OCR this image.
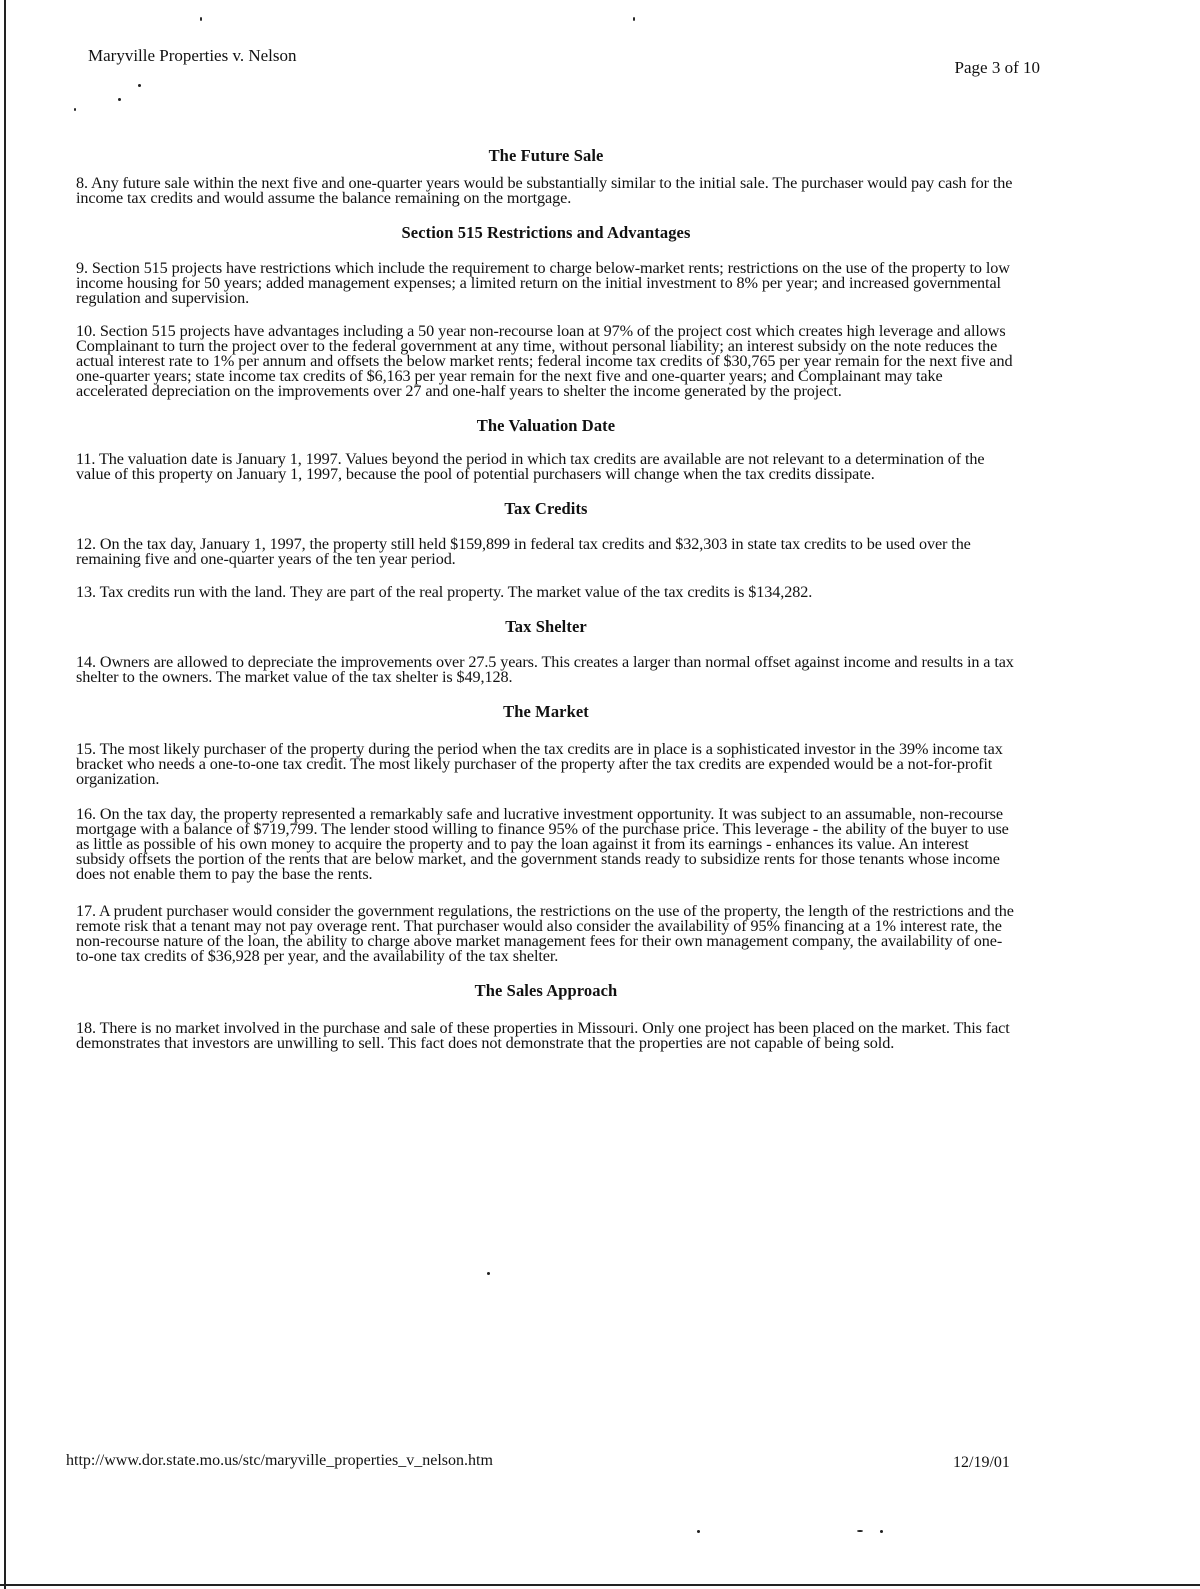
Maryville Properties v. Nelson
Page 3 of 10
The Future Sale

8. Any future sale within the next five and one-quarter years would be substantially similar to the initial sale. The purchaser would pay cash for the income tax credits and would assume the balance remaining on the mortgage.

Section 515 Restrictions and Advantages

9. Section 515 projects have restrictions which include the requirement to charge below-market rents; restrictions on the use of the property to low income housing for 50 years; added management expenses; a limited return on the initial investment to 8% per year; and increased governmental regulation and supervision.

10. Section 515 projects have advantages including a 50 year non-recourse loan at 97% of the project cost which creates high leverage and allows Complainant to turn the project over to the federal government at any time, without personal liability; an interest subsidy on the note reduces the actual interest rate to 1% per annum and offsets the below market rents; federal income tax credits of $30,765 per year remain for the next five and one-quarter years; state income tax credits of $6,163 per year remain for the next five and one-quarter years; and Complainant may take accelerated depreciation on the improvements over 27 and one-half years to shelter the income generated by the project.

The Valuation Date

11. The valuation date is January 1, 1997. Values beyond the period in which tax credits are available are not relevant to a determination of the value of this property on January 1, 1997, because the pool of potential purchasers will change when the tax credits dissipate.

Tax Credits

12. On the tax day, January 1, 1997, the property still held $159,899 in federal tax credits and $32,303 in state tax credits to be used over the remaining five and one-quarter years of the ten year period.

13. Tax credits run with the land. They are part of the real property. The market value of the tax credits is $134,282.

Tax Shelter

14. Owners are allowed to depreciate the improvements over 27.5 years. This creates a larger than normal offset against income and results in a tax shelter to the owners. The market value of the tax shelter is $49,128.

The Market

15. The most likely purchaser of the property during the period when the tax credits are in place is a sophisticated investor in the 39% income tax bracket who needs a one-to-one tax credit. The most likely purchaser of the property after the tax credits are expended would be a not-for-profit organization.

16. On the tax day, the property represented a remarkably safe and lucrative investment opportunity. It was subject to an assumable, non-recourse mortgage with a balance of $719,799. The lender stood willing to finance 95% of the purchase price. This leverage - the ability of the buyer to use as little as possible of his own money to acquire the property and to pay the loan against it from its earnings - enhances its value. An interest subsidy offsets the portion of the rents that are below market, and the government stands ready to subsidize rents for those tenants whose income does not enable them to pay the base the rents.

17. A prudent purchaser would consider the government regulations, the restrictions on the use of the property, the length of the restrictions and the remote risk that a tenant may not pay overage rent. That purchaser would also consider the availability of 95% financing at a 1% interest rate, the non-recourse nature of the loan, the ability to charge above market management fees for their own management company, the availability of one-to-one tax credits of $36,928 per year, and the availability of the tax shelter.

The Sales Approach

18. There is no market involved in the purchase and sale of these properties in Missouri. Only one project has been placed on the market. This fact demonstrates that investors are unwilling to sell. This fact does not demonstrate that the properties are not capable of being sold.

http://www.dor.state.mo.us/stc/maryville_properties_v_nelson.htm	12/19/01
